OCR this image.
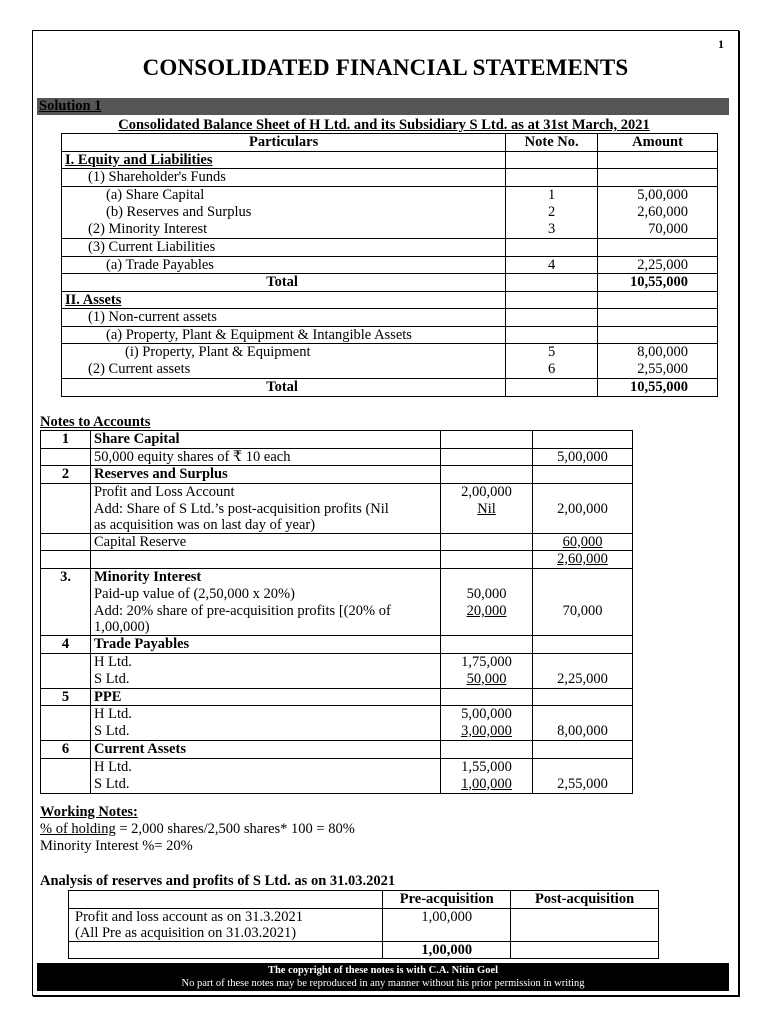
1
CONSOLIDATED FINANCIAL STATEMENTS
Solution 1
Consolidated Balance Sheet of H Ltd. and its Subsidiary S Ltd. as at 31st March, 2021
Particulars	Note No.	Amount
I. Equity and Liabilities		
(1) Shareholder's Funds		
(a) Share Capital	1	5,00,000
(b) Reserves and Surplus	2	2,60,000
(2) Minority Interest	3	70,000
(3) Current Liabilities		
(a) Trade Payables	4	2,25,000
Total		10,55,000
II. Assets		
(1) Non-current assets		
(a) Property, Plant & Equipment & Intangible Assets		
(i) Property, Plant & Equipment	5	8,00,000
(2) Current assets	6	2,55,000
Total		10,55,000
Notes to Accounts
1	Share Capital		
	50,000 equity shares of ₹ 10 each		5,00,000
2	Reserves and Surplus		
	Profit and Loss Account	2,00,000	

	Add: Share of S Ltd.’s post-acquisition profits (Nil
as acquisition was on last day of year)	Nil	2,00,000
	Capital Reserve		60,000
			2,60,000
3.	Minority Interest		
	Paid-up value of (2,50,000 x 20%)	50,000	

	Add: 20% share of pre-acquisition profits [(20% of
1,00,000)	20,000	70,000
4	Trade Payables		
	H Ltd.	1,75,000	
	S Ltd.	50,000	2,25,000
5	PPE		
	H Ltd.	5,00,000	
	S Ltd.	3,00,000	8,00,000
6	Current Assets		
	H Ltd.	1,55,000	
	S Ltd.	1,00,000	2,55,000
Working Notes:
% of holding = 2,000 shares/2,500 shares* 100 = 80%
Minority Interest %= 20%
Analysis of reserves and profits of S Ltd. as on 31.03.2021
	Pre-acquisition	Post-acquisition

Profit and loss account as on 31.3.2021
(All Pre as acquisition on 31.03.2021)	1,00,000	
	1,00,000	
The copyright of these notes is with C.A. Nitin Goel
No part of these notes may be reproduced in any manner without his prior permission in writing
